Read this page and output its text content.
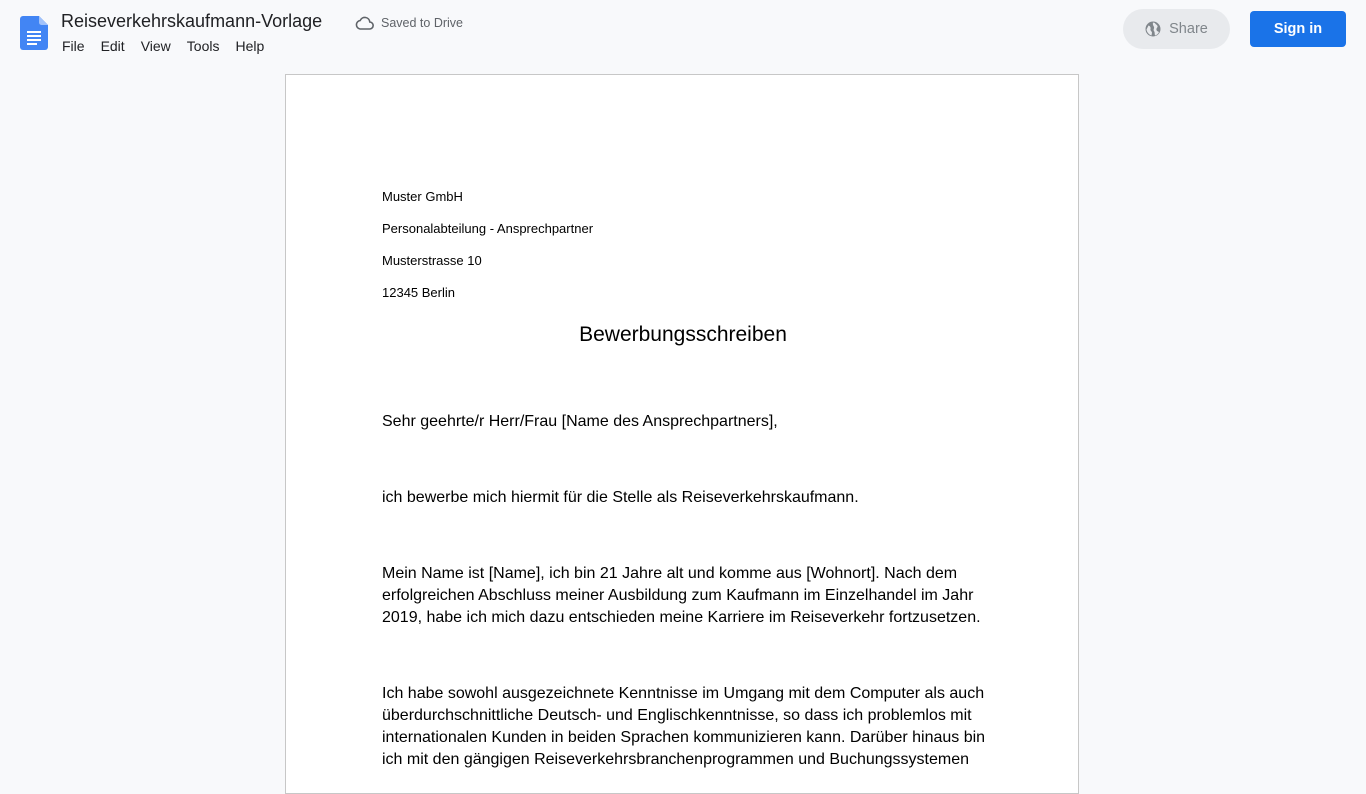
Reiseverkehrskaufmann-Vorlage	Saved to Drive
File	Edit	View	Tools	Help
Share	Sign in
Muster GmbH
Personalabteilung - Ansprechpartner
Musterstrasse 10
12345 Berlin
Bewerbungsschreiben
Sehr geehrte/r Herr/Frau [Name des Ansprechpartners],
ich bewerbe mich hiermit für die Stelle als Reiseverkehrskaufmann.
Mein Name ist [Name], ich bin 21 Jahre alt und komme aus [Wohnort]. Nach dem
erfolgreichen Abschluss meiner Ausbildung zum Kaufmann im Einzelhandel im Jahr
2019, habe ich mich dazu entschieden meine Karriere im Reiseverkehr fortzusetzen.
Ich habe sowohl ausgezeichnete Kenntnisse im Umgang mit dem Computer als auch
überdurchschnittliche Deutsch- und Englischkenntnisse, so dass ich problemlos mit
internationalen Kunden in beiden Sprachen kommunizieren kann. Darüber hinaus bin
ich mit den gängigen Reiseverkehrsbranchenprogrammen und Buchungssystemen
